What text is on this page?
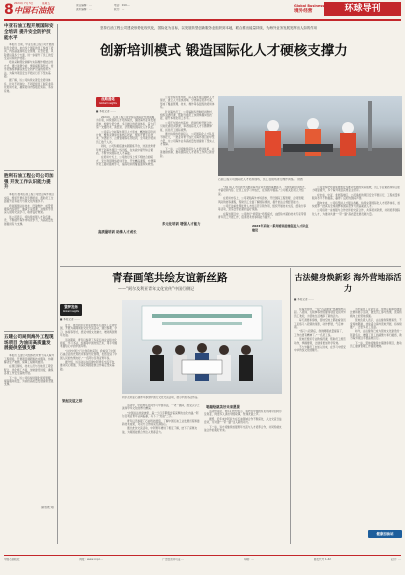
8 中国石油报
2024年 7月 5日	星期五
责任编辑：…	电话：010-…
美术编辑：…	版式：…
Global Business
境外经营	环球导刊
中亚石油工程开展国际安全培训 提升安全防护技能水平

本报讯 日前，中亚石油工程公司开展国际安全培训，来自多个国家的员工参加了培训，内容涵盖现场安全管理、应急处置、风险辨识等多个方面，进一步提升了员工的安全意识和防护技能。

培训采取理论讲解与实际操作相结合的方式，通过案例分析、情景模拟等形式，使学员熟练掌握各类安全防护设备的使用方法，为海外项目安全平稳运行打下坚实基础。

据了解，该公司持续完善安全培训体系，针对不同岗位、不同层级员工制定差异化培训方案，确保培训内容贴近实际、务实有效。

胜利石油工程公司公司加强 开发工作认识能力提升

本报讯 胜利石油工程公司结合海外项目实际，组织开展系列专题培训，帮助员工全面提升业务能力与跨文化沟通水平。

培训围绕钻井技术、设备维护、质量管理等内容展开，邀请专家授课，并组织学员深入现场交流学习，取得良好效果。

该公司表示，将持续加强人才队伍建设，不断提升海外市场竞争力，为高质量发展提供有力支撑。

五建公司局到海外工程现场项目 为油田高质量发展提供坚强支撑

本报讯 五建公司组织技术骨干深入海外工程现场，开展项目调研和技术服务，协调解决生产难题，保障工程顺利推进。

在项目现场，技术人员与当地员工紧密配合，优化施工方案，加快建设进度，确保各项工作安全高效开展。

下一步，该公司将持续强化现场管理，提高服务质量，为油田高质量发展提供坚强支撑。

(新加坡 刘)
坚持石油工程公司建设形势化现代化，国际化为目标，以发展转型创新服务业组织到本地，联合推出能量持续，为海外业务发展发挥出人如的作用
创新培训模式 锻造国际化人才硬核支撑力
丝路漫笔
Global Insights
■ 本报记者 ……

2024年，石油工程公司坚持以国际化发展战略为引领，持续创新人才培养模式，围绕海外业务发展需求，构建分层分类、多元融合的培训体系，着力打造一支懂技术、善经营、会管理的国际化人才队伍。

公司深入分析海外项目人才需求，精准制定培训计划，聚焦关键岗位和核心技能，组织开展专业技术、外语能力、合规管理等系列培训，全年累计培训员工数千人次。

同时，公司积极搭建实践锻炼平台，选派优秀青年骨干赴海外项目一线历练，在实战中提升综合素质，不断夯实国际化人才基础。

在培训方式上，公司推行线上线下相结合的模式，充分利用网络培训平台，开发精品课程，方便海外员工随时随地学习，提高培训的覆盖面和实效性。

高质量培训 助推人才成长

公司坚持需求导向，深入海外项目调研人才现状，建立人才需求清单，分类制定培养方案，形成了覆盖管理、技术、操作等各层级的培训体系。

针对海外员工，公司编制多语种培训教材，组织双语授课，帮助当地员工快速掌握岗位技能，提升本地化用工水平。

公司还与国内外高校、培训机构开展合作，引进优质培训资源，举办国际化人才专题研修班，拓宽员工国际视野。

通过持续的培训投入，公司国际化人才队伍不断壮大，一批业务骨干成长为海外项目的中坚力量，为公司海外业务高质量发展提供了坚实人才保障。

下一步，公司将继续深化人才培训改革，完善激励机制，推动国际化人才培养工作再上新台阶。

多元化培训 增强人才能力
石油工程公司国际化人才培养现场，员工在现场进行操作训练。 供图

“我们将人才培养作为推动海外业务发展的重要抓手，不断创新培训形式，丰富培训内容，让员工在学习中成长，在实践中提高。”公司相关负责人介绍说。

在培训内容上，公司紧贴海外市场需求，开设国际工程管理、合同管理、风险防控等课程，帮助员工全面了解国际规则，提升依法合规经营能力。

公司还注重发挥优秀人才的示范引领作用，组织开展技术交流、经验分享等活动，营造比学赶超的良好氛围。

在海外项目中，公司推行“师带徒”培养模式，由经验丰富的技术专家带领青年员工开展工作，促进技术传承和能力提升。

2024年采取一系列培训措施促进人才队伍建设

公司坚持把培训成果转化为推动发展的实际成效，员工专业素质和综合能力明显提升，多个海外项目获得业主好评。

在中东、中亚、非洲等地区，公司承担的项目安全平稳运行，工程质量和服务水平不断提高，赢得了良好的国际声誉。

面向未来，公司将坚持人才强企战略，持续完善国际化人才培养体系，加快培养一批具有全球视野和国际竞争力的高素质人才。

公司将进一步加强与合作伙伴的交流合作，共享培训资源，共同培养国际化人才，为推动共建“一带一路”高质量发展贡献力量。

青春画笔共绘友谊新丝路
——“阿尔及利亚青年文化宣传”中国行侧记
寰梦发扬
Global Insights
■ 本报记者 ……

近日，来自阿尔及利亚的青年石油员工走进中国，开展为期两周的文化交流活动，通过参观、学习、体验等形式，感受中国文化魅力，增进两国青年友谊。

活动期间，青年们参观了多家石油企业和文化场馆，学习书法、绘画等中国传统艺术，用手中画笔描绘心中的中国印象。

“这次中国之行让我印象深刻，我看到了中国石油企业的先进技术和现代化管理，也感受到了中国人民的热情友好。”一名阿尔及利亚青年说。

据介绍，该活动旨在搭建中阿青年交流平台，推动民心相通，为深化两国能源合作奠定坚实基础。

架起友谊之桥
阿尔及利亚石油青年参加中国行文化交流活动，展示中国书法作品。

活动中，中阿青年共同学习中国书法，一笔一画间，感受汉字之美和中华文化的博大精深。

“中国书法非常神奇，每一个汉字都蕴含着深厚的文化内涵。”阿尔及利亚青年认真临摹，写下了“友谊”二字。

青年们还参观了石油科技展馆，了解中国石油工业发展历程和最新技术成果，对双方合作前景充满信心。

通过此次交流活动，中阿青年增进了相互了解，结下了深厚友谊，为两国能源合作注入青春活力。

笔端绘就美好未来愿景

活动结束时，青年们纷纷表示，将把在中国的所见所闻带回阿尔及利亚，向更多人讲述中国故事，传递友谊之声。

据悉，近年来中阿双方在石油领域合作不断深化，人文交流日益密切，为共建“一带一路”注入新的动力。

下一步，双方将继续加强青年交流与人才培养合作，共同绘就友谊合作的美好未来。

古法健身焕新彩 海外营地添活力
■ 本报记者 ……

在海外营地，一股“古法健身”热潮悄然兴起。八段锦、太极拳等传统健身项目受到中外员工欢迎，为营地生活增添了新的活力。

每天清晨和傍晚，营地空地上都能看到员工们练习八段锦的身影，动作舒展，气定神闲。

“练习八段锦后，我的睡眠质量提高了，工作也更有精神了。”一名员工说。

营地还组织专业教练授课，帮助员工规范动作，掌握要领，让健身更加科学有效。

不少外籍员工也加入进来，在学习中感受中华传统文化的魅力。

为丰富员工业余生活，营地定期举办健身比赛和展示活动，激发员工参与热情，营造积极向上的营地氛围。

营地负责人表示，古法健身简便易学，不受场地限制，非常适合海外营地开展，将持续推广，让更多员工受益。

如今，古法健身已成为营地文化建设的一张新名片，增强了员工的凝聚力和归属感，助力海外项目平稳高效运行。

下一步，营地将继续丰富健身项目，推动员工健康管理工作提质增效。

健康加油站
中国石油报社	网址：www.cnpc…	广告经营许可证 …	印刷：…	邮发代号 1-42	定价：…
